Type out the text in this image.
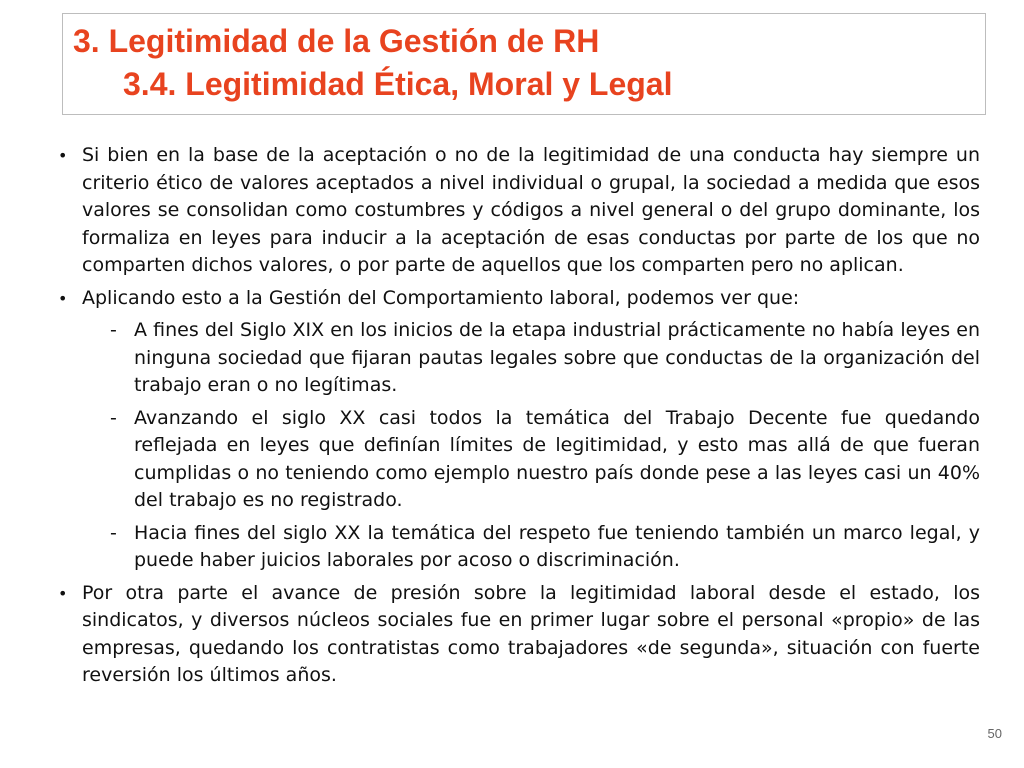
3. Legitimidad de la Gestión de RH
3.4. Legitimidad Ética, Moral y Legal
• Si bien en la base de la aceptación o no de la legitimidad de una conducta hay siempre un criterio ético de valores aceptados a nivel individual o grupal, la sociedad a medida que esos valores se consolidan como costumbres y códigos a nivel general o del grupo dominante, los formaliza en leyes para inducir a la aceptación de esas conductas por parte de los que no comparten dichos valores, o por parte de aquellos que los comparten pero no aplican.
• Aplicando esto a la Gestión del Comportamiento laboral, podemos ver que:
- A fines del Siglo XIX en los inicios de la etapa industrial prácticamente no había leyes en ninguna sociedad que fijaran pautas legales sobre que conductas de la organización del trabajo eran o no legítimas.
- Avanzando el siglo XX casi todos la temática del Trabajo Decente fue quedando reflejada en leyes que definían límites de legitimidad, y esto mas allá de que fueran cumplidas o no teniendo como ejemplo nuestro país donde pese a las leyes casi un 40% del trabajo es no registrado.
- Hacia fines del siglo XX la temática del respeto fue teniendo también un marco legal, y puede haber juicios laborales por acoso o discriminación.
• Por otra parte el avance de presión sobre la legitimidad laboral desde el estado, los sindicatos, y diversos núcleos sociales fue en primer lugar sobre el personal «propio» de las empresas, quedando los contratistas como trabajadores «de segunda», situación con fuerte reversión los últimos años.
50
